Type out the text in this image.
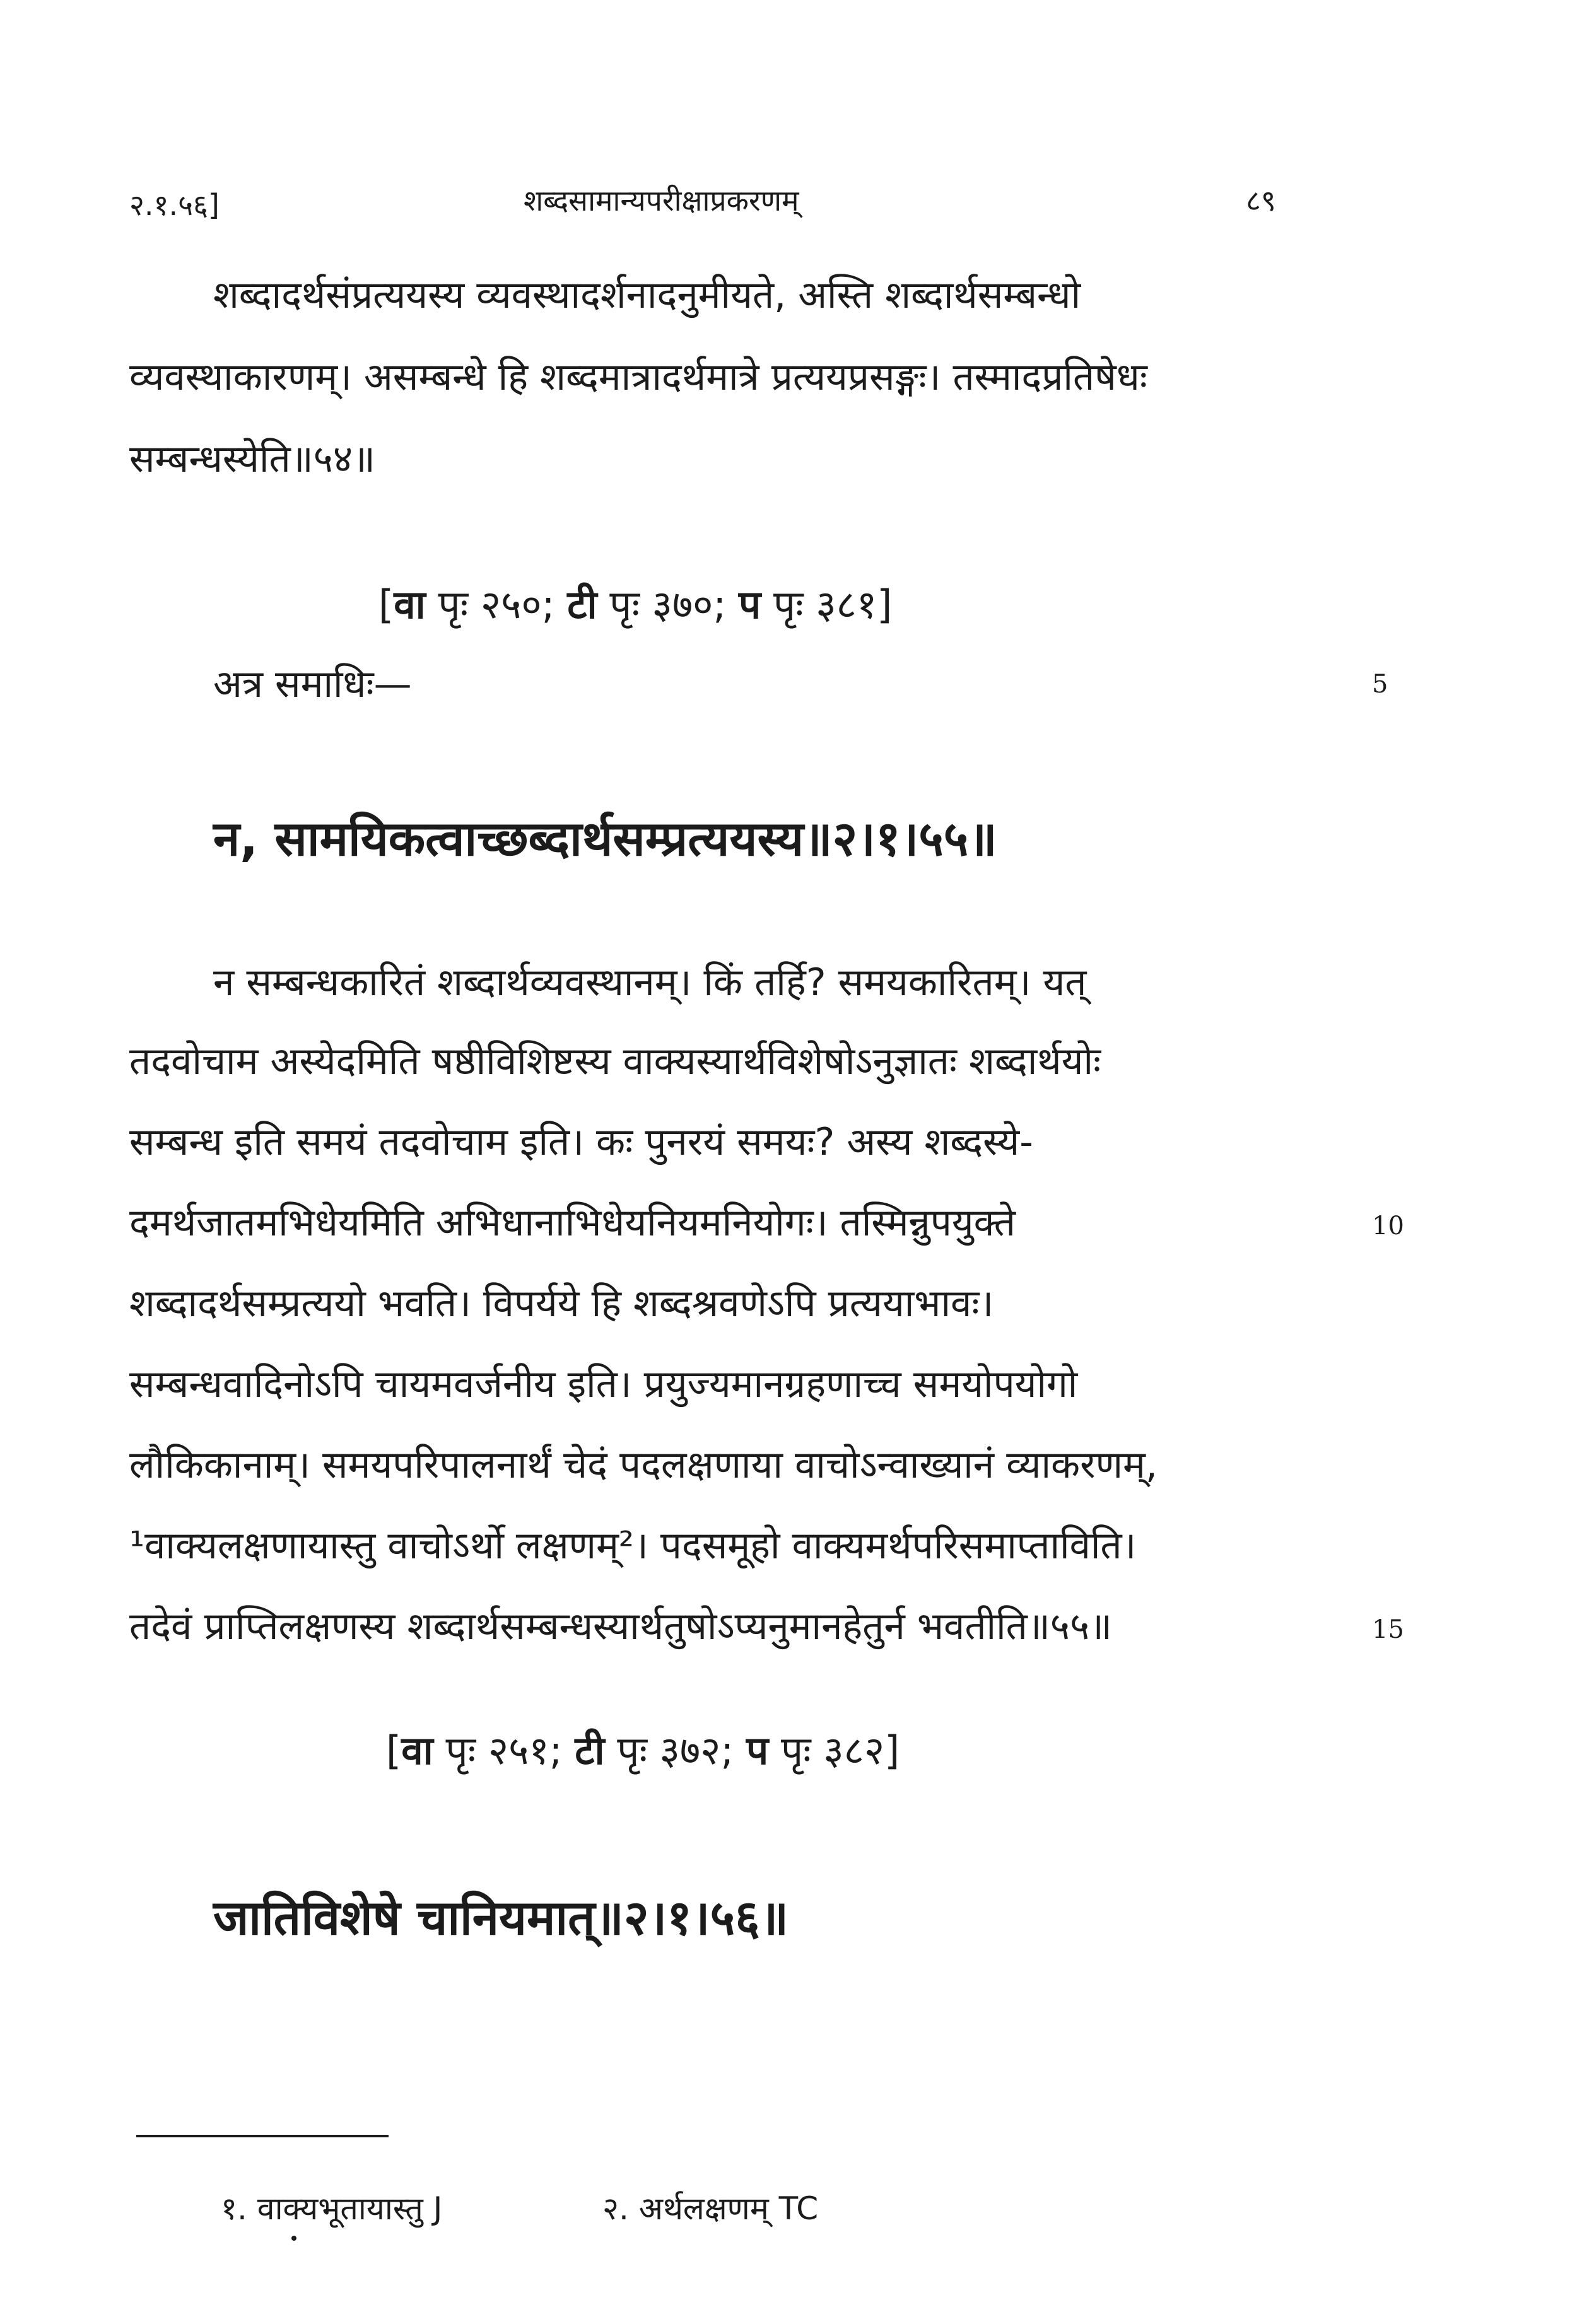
२.१.५६]	शब्दसामान्यपरीक्षाप्रकरणम्	८९
शब्दादर्थसंप्रत्ययस्य व्यवस्थादर्शनादनुमीयते, अस्ति शब्दार्थसम्बन्धो
व्यवस्थाकारणम्। असम्बन्धे हि शब्दमात्रादर्थमात्रे प्रत्ययप्रसङ्गः। तस्मादप्रतिषेधः
सम्बन्धस्येति॥५४॥
[वा पृः २५०; टी पृः ३७०; प पृः ३८१]
अत्र समाधिः—	5
न, सामयिकत्वाच्छब्दार्थसम्प्रत्ययस्य॥२।१।५५॥
न सम्बन्धकारितं शब्दार्थव्यवस्थानम्। किं तर्हि? समयकारितम्। यत्
तदवोचाम अस्येदमिति षष्ठीविशिष्टस्य वाक्यस्यार्थविशेषोऽनुज्ञातः शब्दार्थयोः
सम्बन्ध इति समयं तदवोचाम इति। कः पुनरयं समयः? अस्य शब्दस्ये-
दमर्थजातमभिधेयमिति अभिधानाभिधेयनियमनियोगः। तस्मिन्नुपयुक्ते	10
शब्दादर्थसम्प्रत्ययो भवति। विपर्यये हि शब्दश्रवणेऽपि प्रत्ययाभावः।
सम्बन्धवादिनोऽपि चायमवर्जनीय इति। प्रयुज्यमानग्रहणाच्च समयोपयोगो
लौकिकानाम्। समयपरिपालनार्थं चेदं पदलक्षणाया वाचोऽन्वाख्यानं व्याकरणम्,
¹वाक्यलक्षणायास्तु वाचोऽर्थो लक्षणम्²। पदसमूहो वाक्यमर्थपरिसमाप्ताविति।
तदेवं प्राप्तिलक्षणस्य शब्दार्थसम्बन्धस्यार्थतुषोऽप्यनुमानहेतुर्न भवतीति॥५५॥	15
[वा पृः २५१; टी पृः ३७२; प पृः ३८२]
जातिविशेषे चानियमात्॥२।१।५६॥
१. वाक्यभूतायास्तु J	२. अर्थलक्षणम् TC
